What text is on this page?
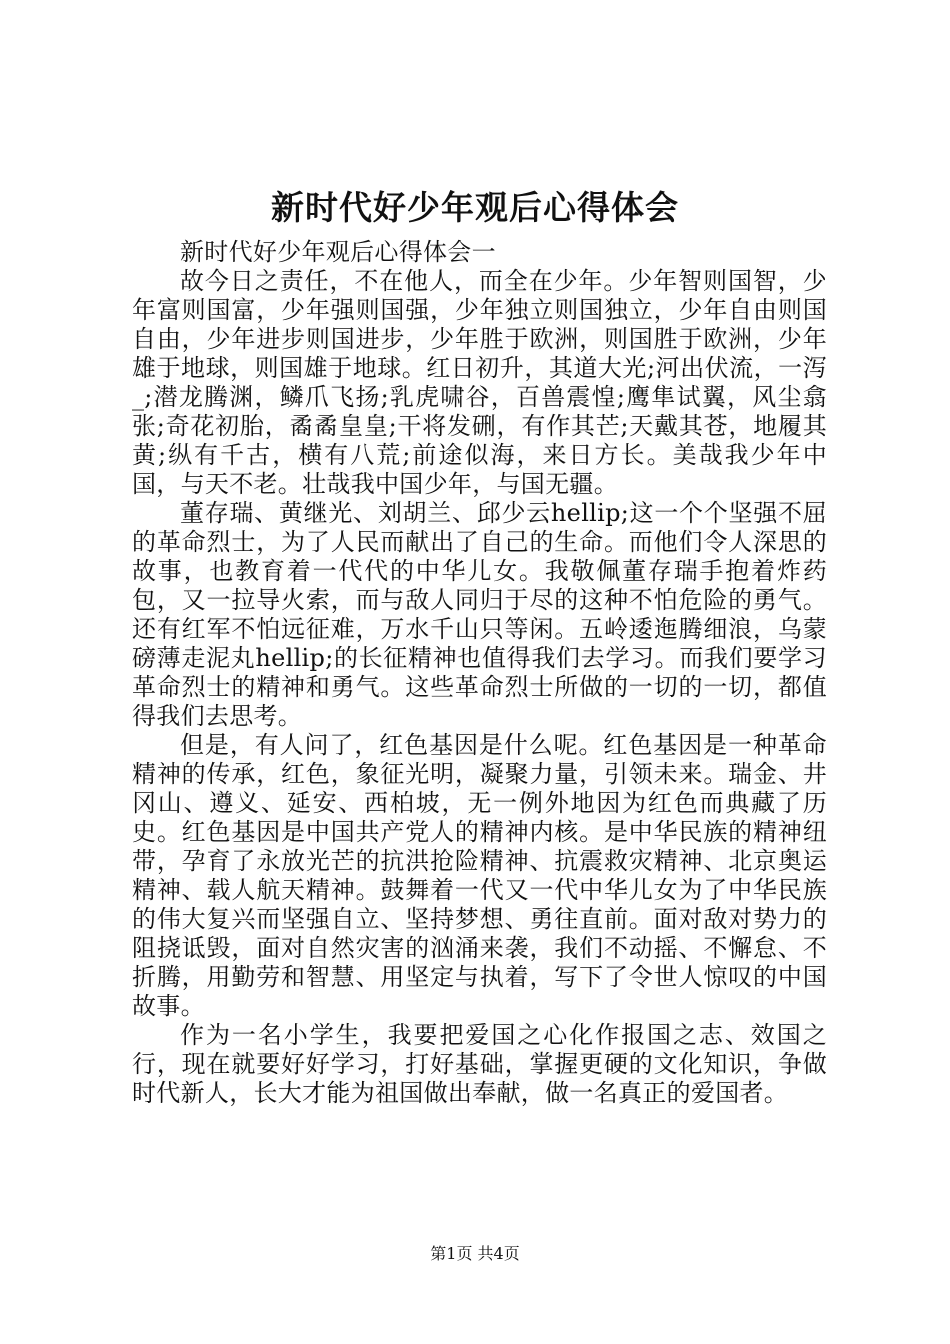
新时代好少年观后心得体会

新时代好少年观后心得体会一

故今日之责任，不在他人，而全在少年。少年智则国智，少年富则国富，少年强则国强，少年独立则国独立，少年自由则国自由，少年进步则国进步，少年胜于欧洲，则国胜于欧洲，少年雄于地球，则国雄于地球。红日初升，其道大光;河出伏流，一泻_;潜龙腾渊，鳞爪飞扬;乳虎啸谷，百兽震惶;鹰隼试翼，风尘翕张;奇花初胎，矞矞皇皇;干将发硎，有作其芒;天戴其苍，地履其黄;纵有千古，横有八荒;前途似海，来日方长。美哉我少年中国，与天不老。壮哉我中国少年，与国无疆。

董存瑞、黄继光、刘胡兰、邱少云hellip;这一个个坚强不屈的革命烈士，为了人民而献出了自己的生命。而他们令人深思的故事，也教育着一代代的中华儿女。我敬佩董存瑞手抱着炸药包，又一拉导火索，而与敌人同归于尽的这种不怕危险的勇气。还有红军不怕远征难，万水千山只等闲。五岭逶迤腾细浪，乌蒙磅薄走泥丸hellip;的长征精神也值得我们去学习。而我们要学习革命烈士的精神和勇气。这些革命烈士所做的一切的一切，都值得我们去思考。

但是，有人问了，红色基因是什么呢。红色基因是一种革命精神的传承，红色，象征光明，凝聚力量，引领未来。瑞金、井冈山、遵义、延安、西柏坡，无一例外地因为红色而典藏了历史。红色基因是中国共产党人的精神内核。是中华民族的精神纽带，孕育了永放光芒的抗洪抢险精神、抗震救灾精神、北京奥运精神、载人航天精神。鼓舞着一代又一代中华儿女为了中华民族的伟大复兴而坚强自立、坚持梦想、勇往直前。面对敌对势力的阻挠诋毁，面对自然灾害的汹涌来袭，我们不动摇、不懈怠、不折腾，用勤劳和智慧、用坚定与执着，写下了令世人惊叹的中国故事。

作为一名小学生，我要把爱国之心化作报国之志、效国之行，现在就要好好学习，打好基础，掌握更硬的文化知识，争做时代新人，长大才能为祖国做出奉献，做一名真正的爱国者。

第1页 共4页
